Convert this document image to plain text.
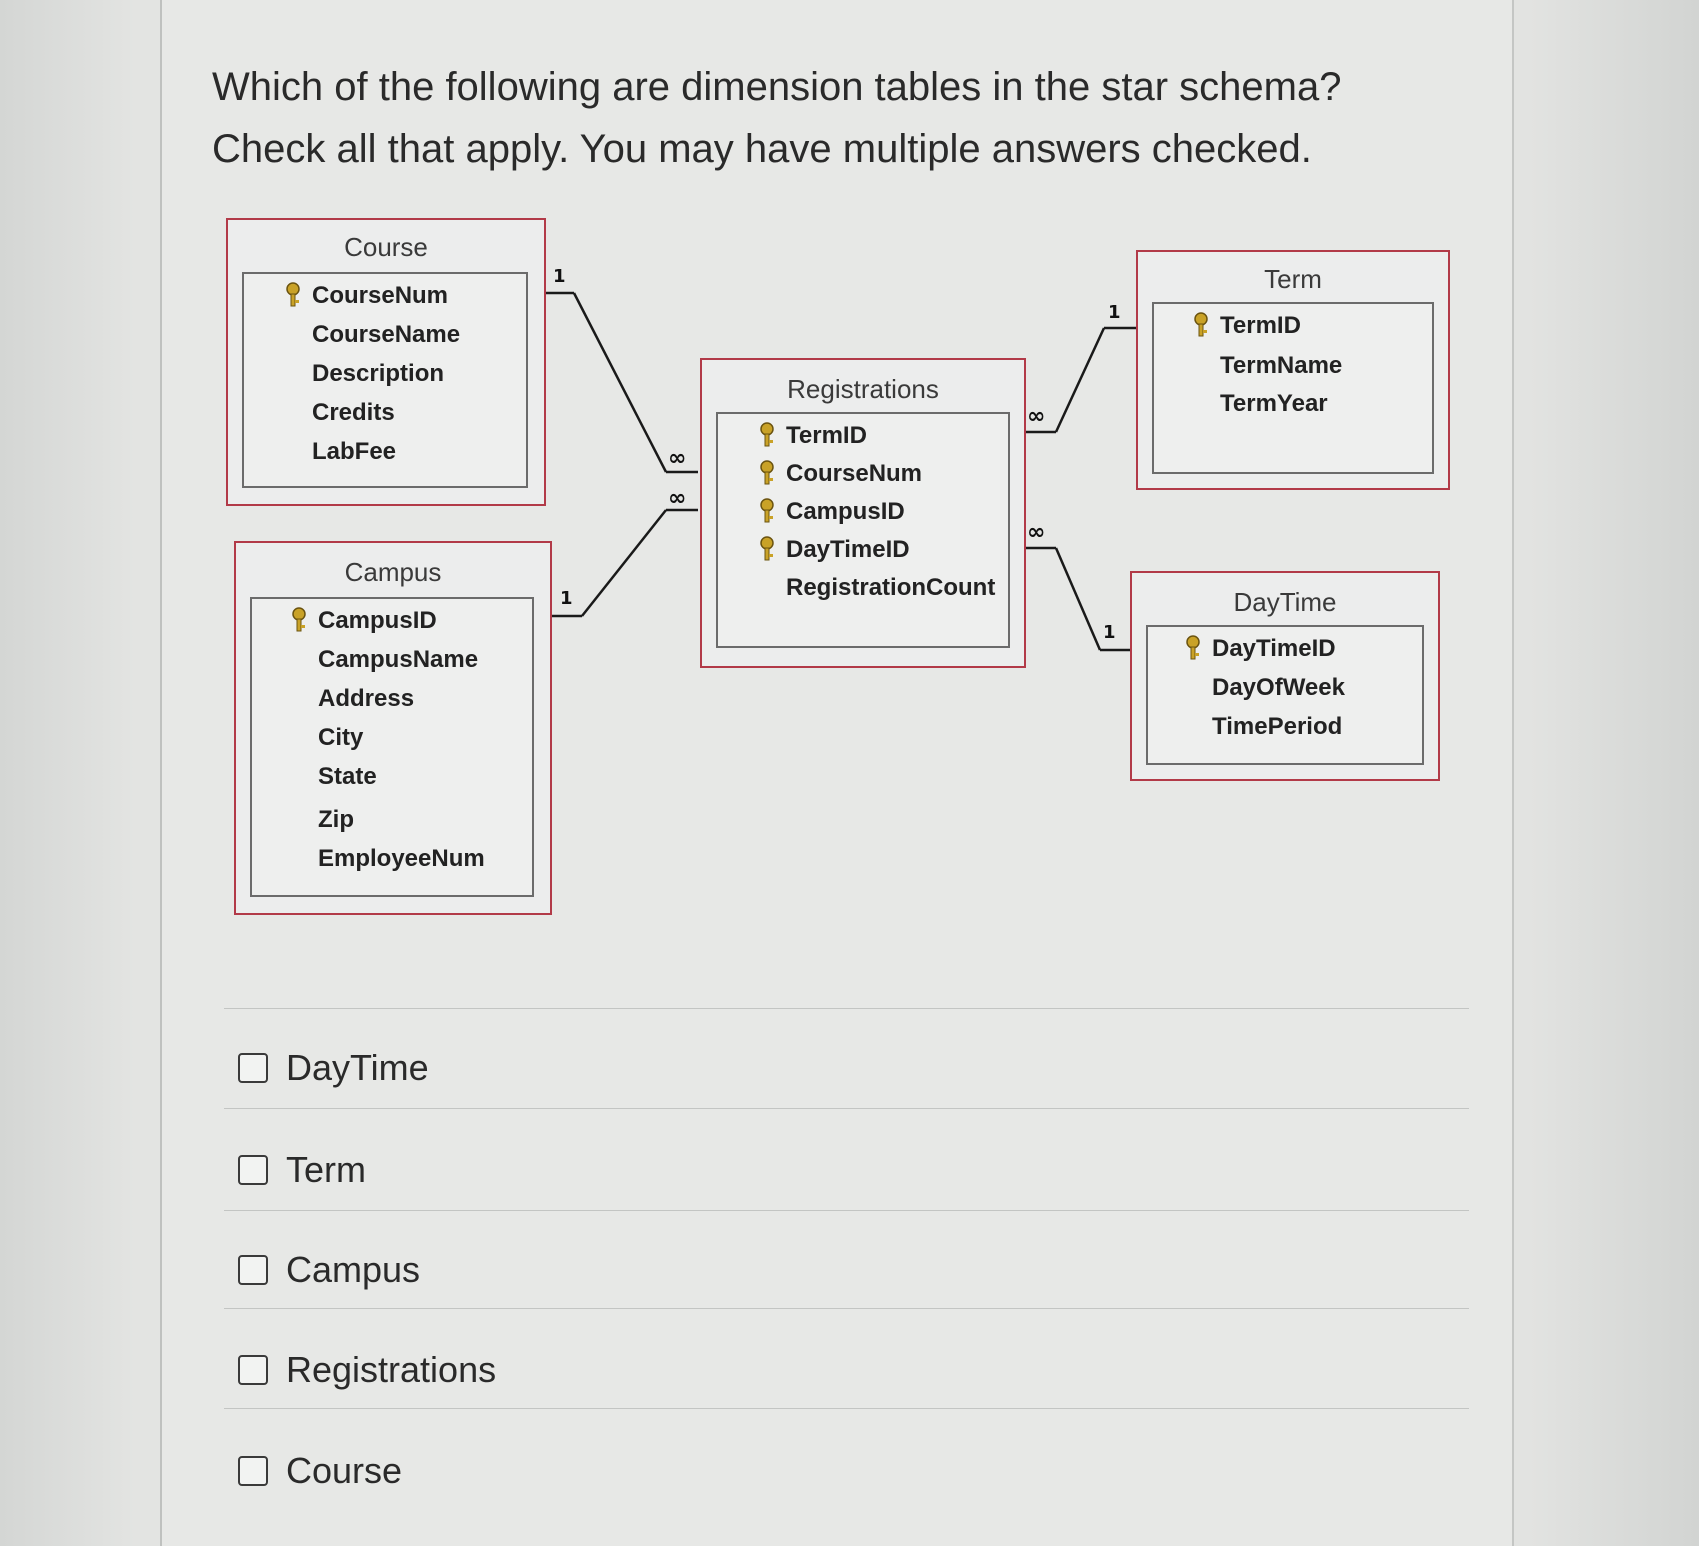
Which of the following are dimension tables in the star schema?
Check all that apply. You may have multiple answers checked.
1
∞
∞
1
∞
1
∞
1
Course
CourseNum
CourseName
Description
Credits
LabFee
Campus
CampusID
CampusName
Address
City
State
Zip
EmployeeNum
Registrations
TermID
CourseNum
CampusID
DayTimeID
RegistrationCount
Term
TermID
TermName
TermYear
DayTime
DayTimeID
DayOfWeek
TimePeriod
DayTime
Term
Campus
Registrations
Course
